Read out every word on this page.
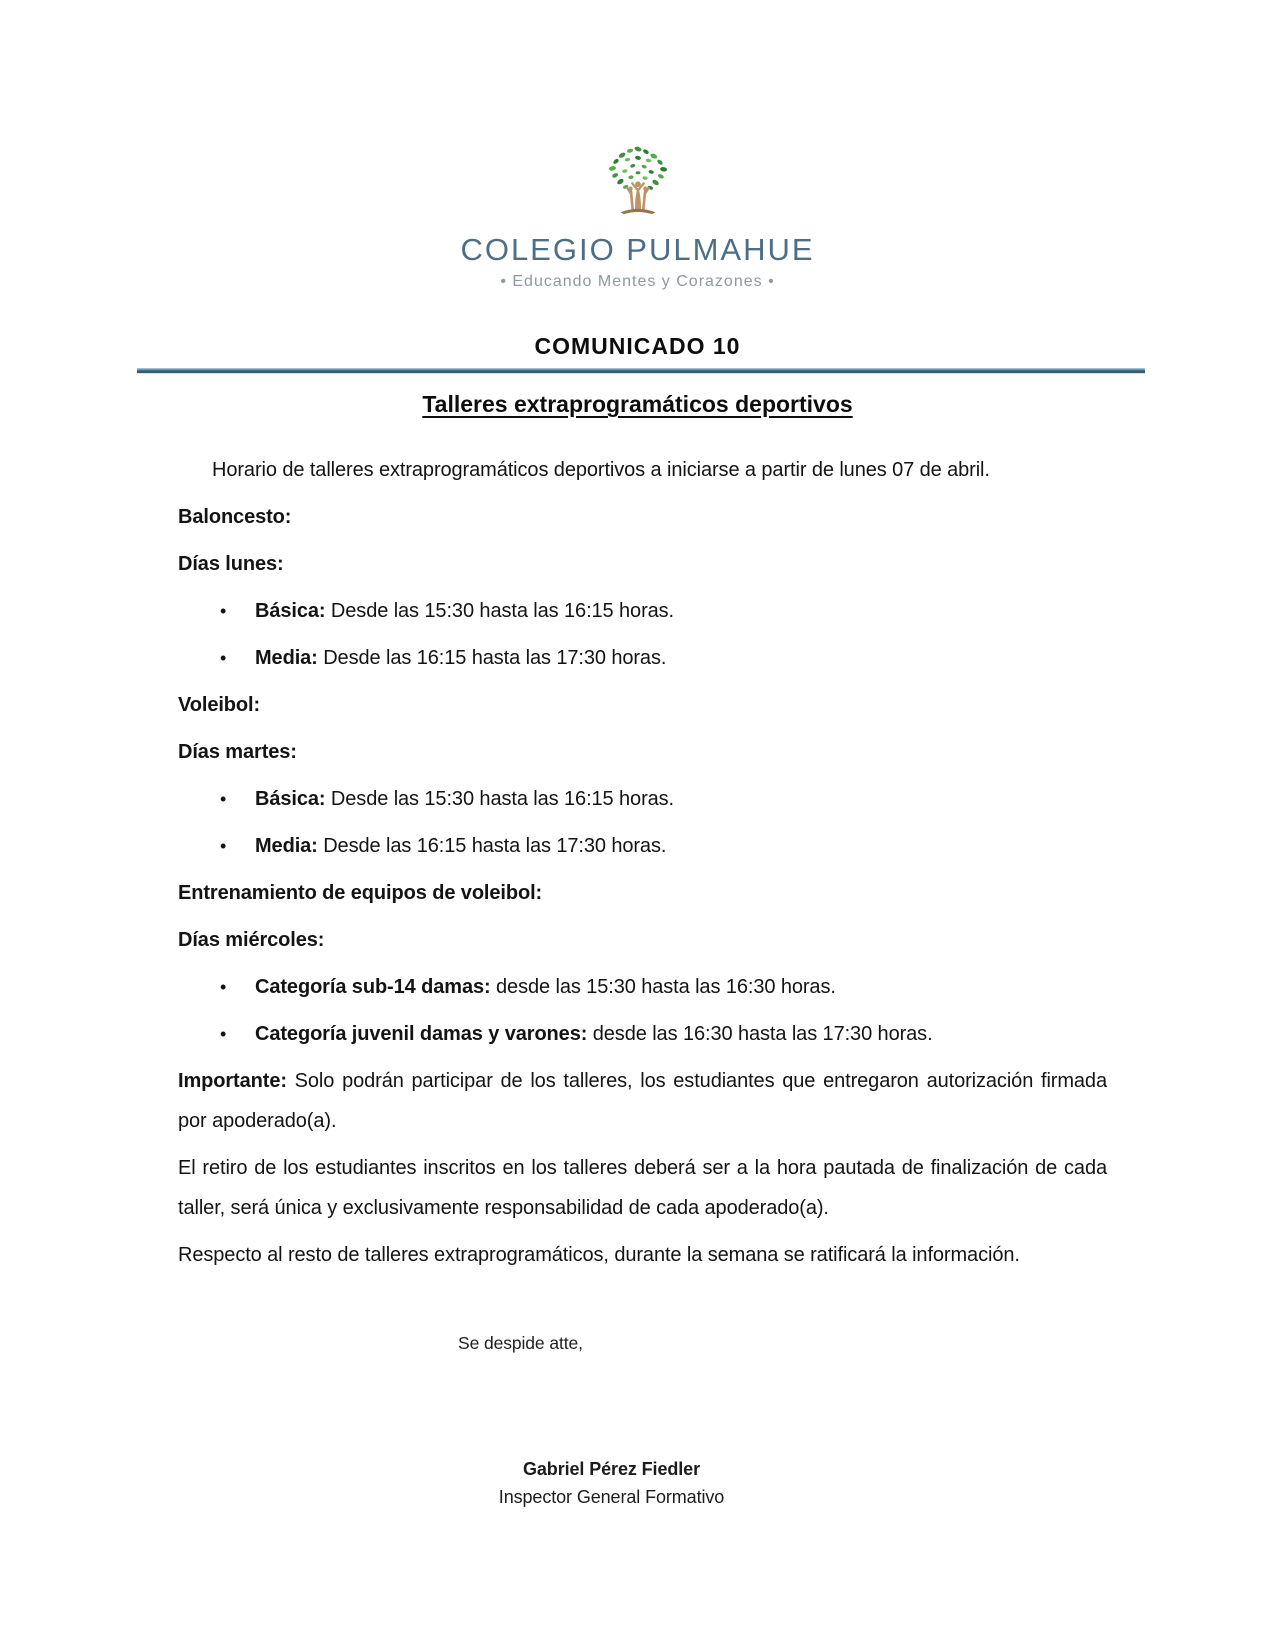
COLEGIO PULMAHUE
• Educando Mentes y Corazones •
COMUNICADO 10
Talleres extraprogramáticos deportivos

Horario de talleres extraprogramáticos deportivos a iniciarse a partir de lunes 07 de abril.

Baloncesto:

Días lunes:

• Básica: Desde las 15:30 hasta las 16:15 horas.
• Media: Desde las 16:15 hasta las 17:30 horas.

Voleibol:

Días martes:

• Básica: Desde las 15:30 hasta las 16:15 horas.
• Media: Desde las 16:15 hasta las 17:30 horas.

Entrenamiento de equipos de voleibol:

Días miércoles:

• Categoría sub-14 damas: desde las 15:30 hasta las 16:30 horas.
• Categoría juvenil damas y varones: desde las 16:30 hasta las 17:30 horas.

Importante: Solo podrán participar de los talleres, los estudiantes que entregaron autorización firmada por apoderado(a).

El retiro de los estudiantes inscritos en los talleres deberá ser a la hora pautada de finalización de cada taller, será única y exclusivamente responsabilidad de cada apoderado(a).

Respecto al resto de talleres extraprogramáticos, durante la semana se ratificará la información.

Se despide atte,

Gabriel Pérez Fiedler
Inspector General Formativo
